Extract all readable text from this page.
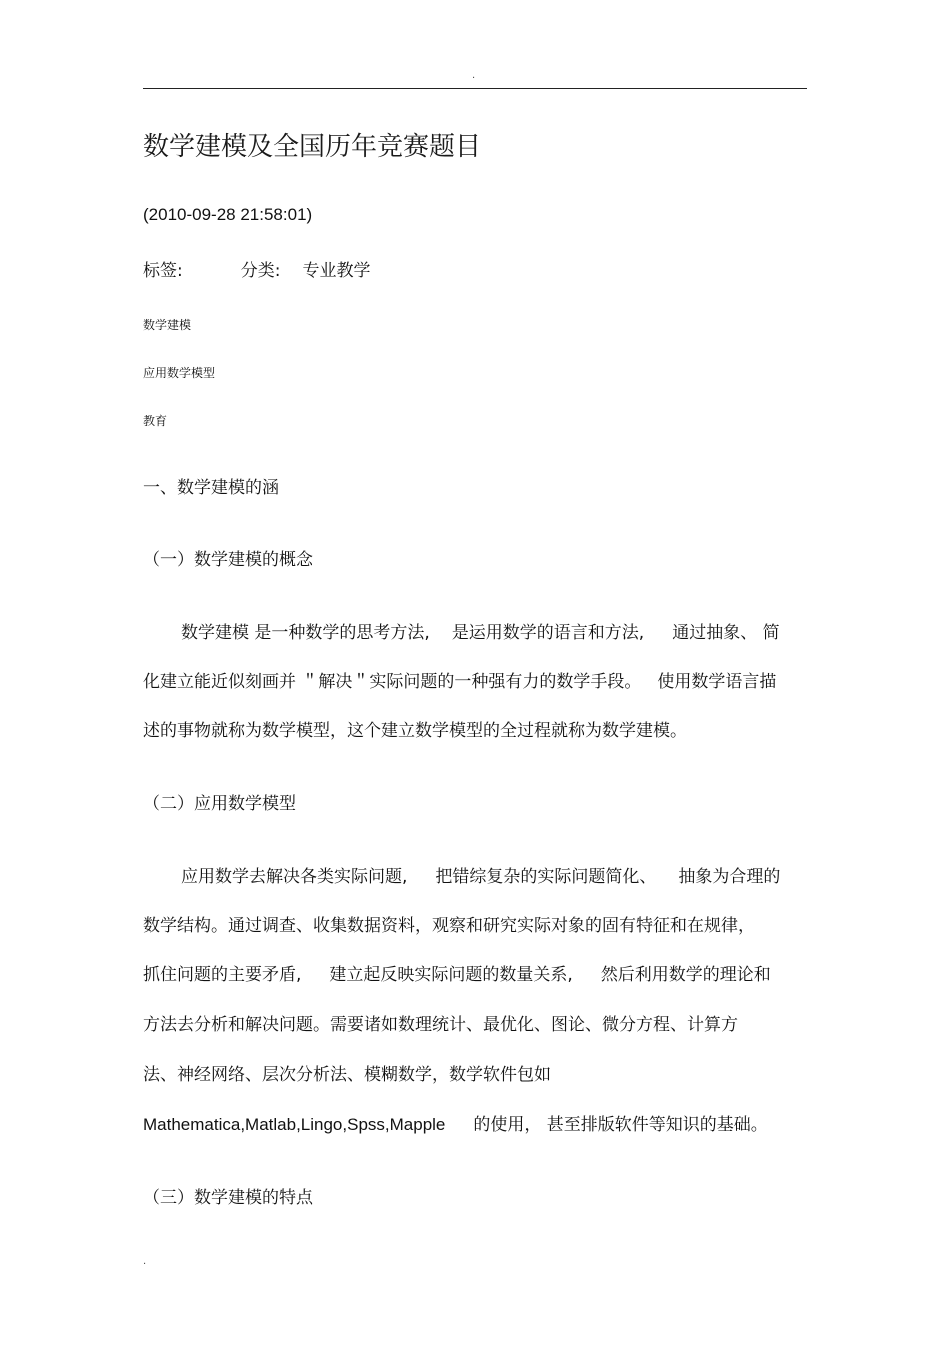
.
数学建模及全国历年竞赛题目
(2010-09-28 21:58:01)
标签:	分类: 专业教学
数学建模
应用数学模型
教育
一、数学建模的涵
（一）数学建模的概念
数学建模 是一种数学的思考方法, 是运用数学的语言和方法, 通过抽象、 简
化建立能近似刻画并 ＂解决＂实际问题的一种强有力的数学手段。 使用数学语言描
述的事物就称为数学模型，这个建立数学模型的全过程就称为数学建模。
（二）应用数学模型
应用数学去解决各类实际问题, 把错综复杂的实际问题简化、 抽象为合理的
数学结构。通过调查、收集数据资料，观察和研究实际对象的固有特征和在规律，
抓住问题的主要矛盾, 建立起反映实际问题的数量关系, 然后利用数学的理论和
方法去分析和解决问题。需要诸如数理统计、最优化、图论、微分方程、计算方
法、神经网络、层次分析法、模糊数学，数学软件包如
Mathematica,Matlab,Lingo,Spss,Mapple 的使用， 甚至排版软件等知识的基础。
（三）数学建模的特点
.
